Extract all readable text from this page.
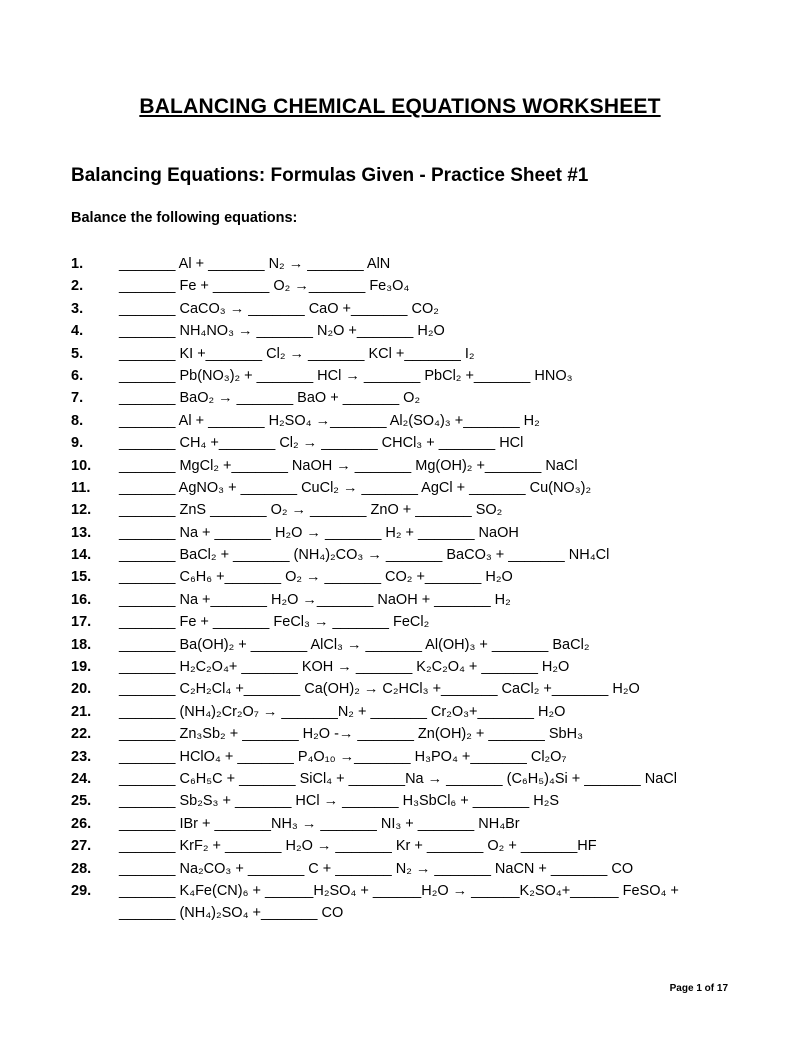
BALANCING CHEMICAL EQUATIONS WORKSHEET
Balancing Equations: Formulas Given - Practice Sheet #1
Balance the following equations:
1.	_______ Al + _______ N₂ → _______ AlN
2.	_______ Fe + _______ O₂ →_______ Fe₃O₄
3.	_______ CaCO₃ → _______ CaO +_______ CO₂
4.	_______ NH₄NO₃ → _______ N₂O +_______ H₂O
5.	_______ KI +_______ Cl₂ → _______ KCl +_______ I₂
6.	_______ Pb(NO₃)₂ + _______ HCl → _______ PbCl₂ +_______ HNO₃
7.	_______ BaO₂ → _______ BaO + _______ O₂
8.	_______ Al + _______ H₂SO₄ →_______ Al₂(SO₄)₃ +_______ H₂
9.	_______ CH₄ +_______ Cl₂ → _______ CHCl₃ + _______ HCl
10.	_______ MgCl₂ +_______ NaOH → _______ Mg(OH)₂ +_______ NaCl
11.	_______ AgNO₃ + _______ CuCl₂ → _______ AgCl + _______ Cu(NO₃)₂
12.	_______ ZnS _______ O₂ → _______ ZnO + _______ SO₂
13.	_______ Na + _______ H₂O → _______ H₂ + _______ NaOH
14.	_______ BaCl₂ + _______ (NH₄)₂CO₃ → _______ BaCO₃ + _______ NH₄Cl
15.	_______ C₆H₆ +_______ O₂ → _______ CO₂ +_______ H₂O
16.	_______ Na +_______ H₂O →_______ NaOH + _______ H₂
17.	_______ Fe + _______ FeCl₃ → _______ FeCl₂
18.	_______ Ba(OH)₂ + _______ AlCl₃ → _______ Al(OH)₃ + _______ BaCl₂
19.	_______ H₂C₂O₄+ _______ KOH → _______ K₂C₂O₄ + _______ H₂O
20.	_______ C₂H₂Cl₄ +_______ Ca(OH)₂ → C₂HCl₃ +_______ CaCl₂ +_______ H₂O
21.	_______ (NH₄)₂Cr₂O₇ → _______N₂ + _______ Cr₂O₃+_______ H₂O
22.	_______ Zn₃Sb₂ + _______ H₂O -→ _______ Zn(OH)₂ + _______ SbH₃
23.	_______ HClO₄ + _______ P₄O₁₀ →_______ H₃PO₄ +_______ Cl₂O₇
24.	_______ C₆H₅C + _______ SiCl₄ + _______Na → _______ (C₆H₅)₄Si + _______ NaCl
25.	_______ Sb₂S₃ + _______ HCl → _______ H₃SbCl₆ + _______ H₂S
26.	_______ IBr + _______NH₃ → _______ NI₃ + _______ NH₄Br
27.	_______ KrF₂ + _______ H₂O → _______ Kr + _______ O₂ + _______HF
28.	_______ Na₂CO₃ + _______ C + _______ N₂ → _______ NaCN + _______ CO
29.	_______ K₄Fe(CN)₆ + ______H₂SO₄ + ______H₂O → ______K₂SO₄+______ FeSO₄ +
_______ (NH₄)₂SO₄ +_______ CO
Page 1 of 17
